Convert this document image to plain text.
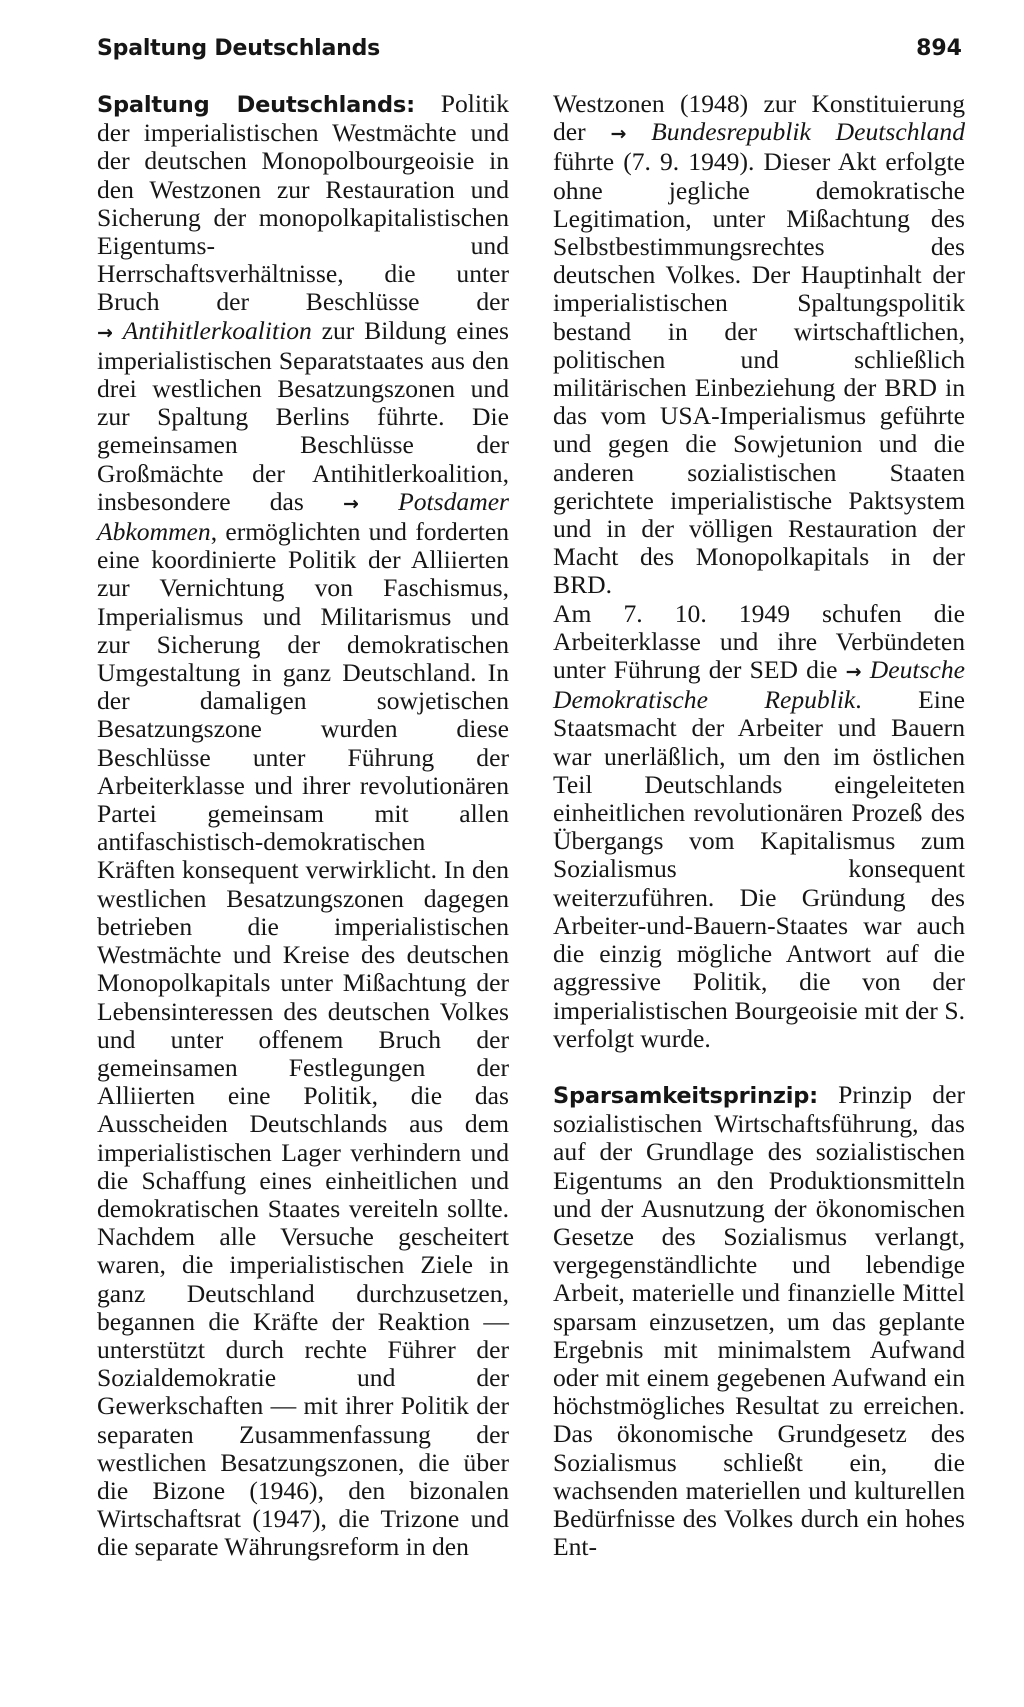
Spaltung Deutschlands	894

Spaltung Deutschlands: Politik der imperialistischen Westmächte und der deutschen Monopolbourgeoisie in den Westzonen zur Restauration und Sicherung der monopolkapitalistischen Eigentums- und Herrschaftsverhältnisse, die unter Bruch der Beschlüsse der → Antihitlerkoalition zur Bildung eines imperialistischen Separatstaates aus den drei westlichen Besatzungszonen und zur Spaltung Berlins führte. Die gemeinsamen Beschlüsse der Großmächte der Antihitlerkoalition, insbesondere das → Potsdamer Abkommen, ermöglichten und forderten eine koordinierte Politik der Alliierten zur Vernichtung von Faschismus, Imperialismus und Militarismus und zur Sicherung der demokratischen Umgestaltung in ganz Deutschland. In der damaligen sowjetischen Besatzungszone wurden diese Beschlüsse unter Führung der Arbeiterklasse und ihrer revolutionären Partei gemeinsam mit allen antifaschistisch-demokratischen Kräften konsequent verwirklicht. In den westlichen Besatzungszonen dagegen betrieben die imperialistischen Westmächte und Kreise des deutschen Monopolkapitals unter Mißachtung der Lebensinteressen des deutschen Volkes und unter offenem Bruch der gemeinsamen Festlegungen der Alliierten eine Politik, die das Ausscheiden Deutschlands aus dem imperialistischen Lager verhindern und die Schaffung eines einheitlichen und demokratischen Staates vereiteln sollte. Nachdem alle Versuche gescheitert waren, die imperialistischen Ziele in ganz Deutschland durchzusetzen, begannen die Kräfte der Reaktion — unterstützt durch rechte Führer der Sozialdemokratie und der Gewerkschaften — mit ihrer Politik der separaten Zusammenfassung der westlichen Besatzungszonen, die über die Bizone (1946), den bizonalen Wirtschaftsrat (1947), die Trizone und die separate Währungsreform in den

Westzonen (1948) zur Konstituierung der → Bundesrepublik Deutschland führte (7. 9. 1949). Dieser Akt erfolgte ohne jegliche demokratische Legitimation, unter Mißachtung des Selbstbestimmungsrechtes des deutschen Volkes. Der Hauptinhalt der imperialistischen Spaltungspolitik bestand in der wirtschaftlichen, politischen und schließlich militärischen Einbeziehung der BRD in das vom USA-Imperialismus geführte und gegen die Sowjetunion und die anderen sozialistischen Staaten gerichtete imperialistische Paktsystem und in der völligen Restauration der Macht des Monopolkapitals in der BRD.

Am 7. 10. 1949 schufen die Arbeiterklasse und ihre Verbündeten unter Führung der SED die → Deutsche Demokratische Republik. Eine Staatsmacht der Arbeiter und Bauern war unerläßlich, um den im östlichen Teil Deutschlands eingeleiteten einheitlichen revolutionären Prozeß des Übergangs vom Kapitalismus zum Sozialismus konsequent weiterzuführen. Die Gründung des Arbeiter-und-Bauern-Staates war auch die einzig mögliche Antwort auf die aggressive Politik, die von der imperialistischen Bourgeoisie mit der S. verfolgt wurde.

Sparsamkeitsprinzip: Prinzip der sozialistischen Wirtschaftsführung, das auf der Grundlage des sozialistischen Eigentums an den Produktionsmitteln und der Ausnutzung der ökonomischen Gesetze des Sozialismus verlangt, vergegenständlichte und lebendige Arbeit, materielle und finanzielle Mittel sparsam einzusetzen, um das geplante Ergebnis mit minimalstem Aufwand oder mit einem gegebenen Aufwand ein höchstmögliches Resultat zu erreichen. Das ökonomische Grundgesetz des Sozialismus schließt ein, die wachsenden materiellen und kulturellen Bedürfnisse des Volkes durch ein hohes Ent-
